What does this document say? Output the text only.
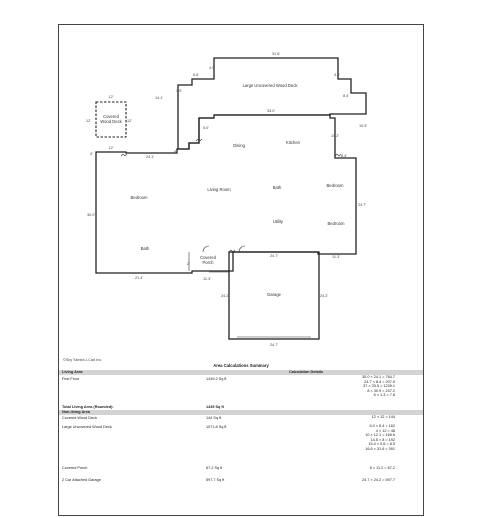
Large Uncovered Wood Deck
Covered
Wood Deck
Dining
Kitchen
Living Room	Bath
Bedroom
Bedroom
Utility	Bedroom
Bath
Covered
Porch
Garage
31.6'
4.9'
6.6'
3.9'
14.1'
3.3'
8.4'
12'
12'	12'
12'
33.0'
5.0'
10.2'
10.9'
8.4'
24.1'
8'
4'
30.0'
24.7'
11.3'
21.4'
2'
11.3'
24.7'
24.2'	24.2'
24.7'
©Sky Sketch-i-Cad Inc.
Area Calculations Summary
Living Area	Calculation Details
First Floor	1439.2 Sq ft	30.0 × 24.1 = 764.7
24.7 × 8.4 = 207.5
37 × 33.5 = 1239.1
8 × 30.9 = 247.2
6 × 1.3 = 7.8
Total Living Area (Rounded):	1439 Sq ft
Non-living Area
Covered Wood Deck	144 Sq ft	12 × 12 = 144
Large Uncovered Wood Deck	1071.8 Sq ft	6.0 × 8.4 = 162
4 × 12 = 48
10 × 12.1 = 165.6
14.5 × 8 = 192
15.4 × 0.5 = 8.5
16.6 × 31.6 = 391
Covered Porch	67.2 Sq ft	8 × 11.2 = 67.2
2 Car Attached Garage	597.7 Sq ft	24.7 × 24.2 = 597.7
